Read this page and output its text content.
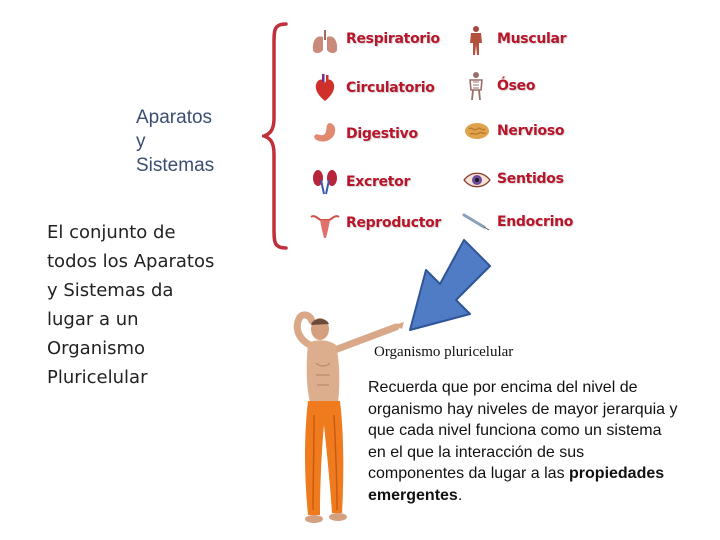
Aparatos
y
Sistemas
El conjunto de todos los Aparatos y Sistemas da lugar a un Organismo Pluricelular
Respiratorio	Muscular
Circulatorio	Óseo
Digestivo	Nervioso
Excretor	Sentidos
Reproductor	Endocrino
Organismo pluricelular
Recuerda que por encima del nivel de organismo hay niveles de mayor jerarquia y que cada nivel funciona como un sistema en el que la interacción de sus componentes da lugar a las propiedades emergentes.
